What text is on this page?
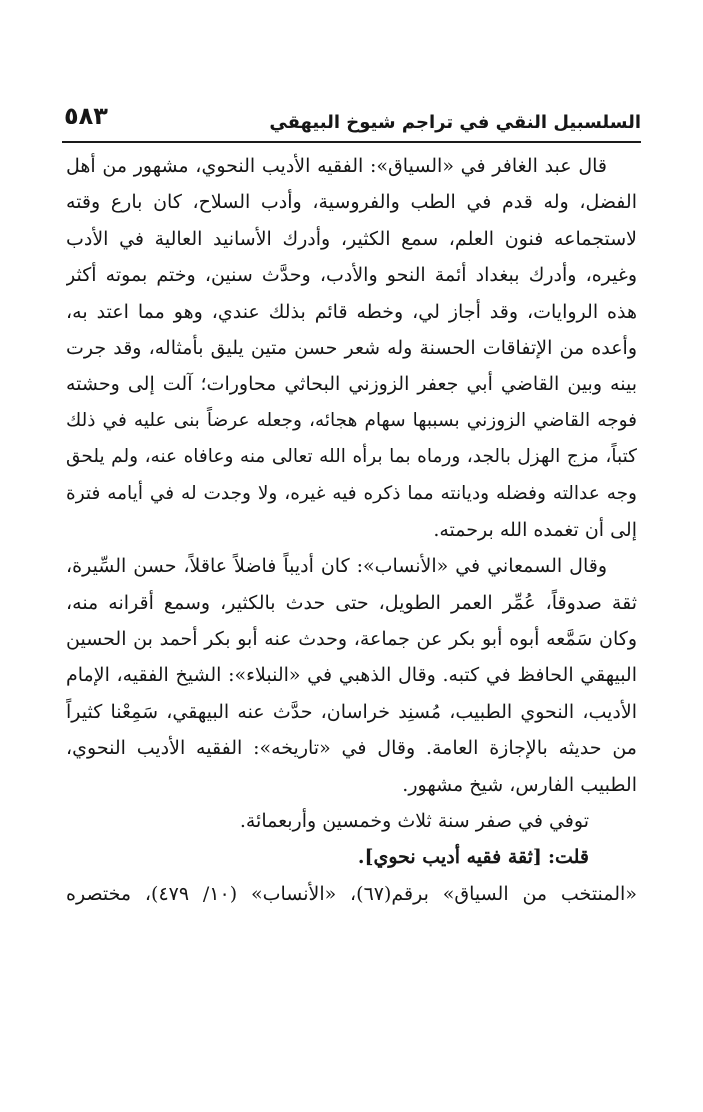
السلسبيل النقي في تراجم شيوخ البيهقي
٥٨٣
قال عبد الغافر في «السياق»: الفقيه الأديب النحوي، مشهور من أهل
الفضل، وله قدم في الطب والفروسية، وأدب السلاح، كان بارع وقته
لاستجماعه فنون العلم، سمع الكثير، وأدرك الأسانيد العالية في الأدب
وغيره، وأدرك ببغداد أئمة النحو والأدب، وحدَّث سنين، وختم بموته أكثر
هذه الروايات، وقد أجاز لي، وخطه قائم بذلك عندي، وهو مما اعتد به،
وأعده من الإتفاقات الحسنة وله شعر حسن متين يليق بأمثاله، وقد جرت
بينه وبين القاضي أبي جعفر الزوزني البحاثي محاورات؛ آلت إلى وحشته
فوجه القاضي الزوزني بسببها سهام هجائه، وجعله عرضاً بنى عليه في ذلك
كتباً، مزج الهزل بالجد، ورماه بما برأه الله تعالى منه وعافاه عنه، ولم يلحق
وجه عدالته وفضله وديانته مما ذكره فيه غيره، ولا وجدت له في أيامه فترة
إلى أن تغمده الله برحمته.
وقال السمعاني في «الأنساب»: كان أديباً فاضلاً عاقلاً، حسن السِّيرة،
ثقة صدوقاً، عُمِّر العمر الطويل، حتى حدث بالكثير، وسمع أقرانه منه،
وكان سَمَّعه أبوه أبو بكر عن جماعة، وحدث عنه أبو بكر أحمد بن الحسين
البيهقي الحافظ في كتبه. وقال الذهبي في «النبلاء»: الشيخ الفقيه، الإمام
الأديب، النحوي الطبيب، مُسنِد خراسان، حدَّث عنه البيهقي، سَمِعْنا كثيراً
من حديثه بالإجازة العامة. وقال في «تاريخه»: الفقيه الأديب النحوي،
الطبيب الفارس، شيخ مشهور.
توفي في صفر سنة ثلاث وخمسين وأربعمائة.
قلت: [ثقة فقيه أديب نحوي].
«المنتخب من السياق» برقم(٦٧)، «الأنساب» (١٠/ ٤٧٩)، مختصره
